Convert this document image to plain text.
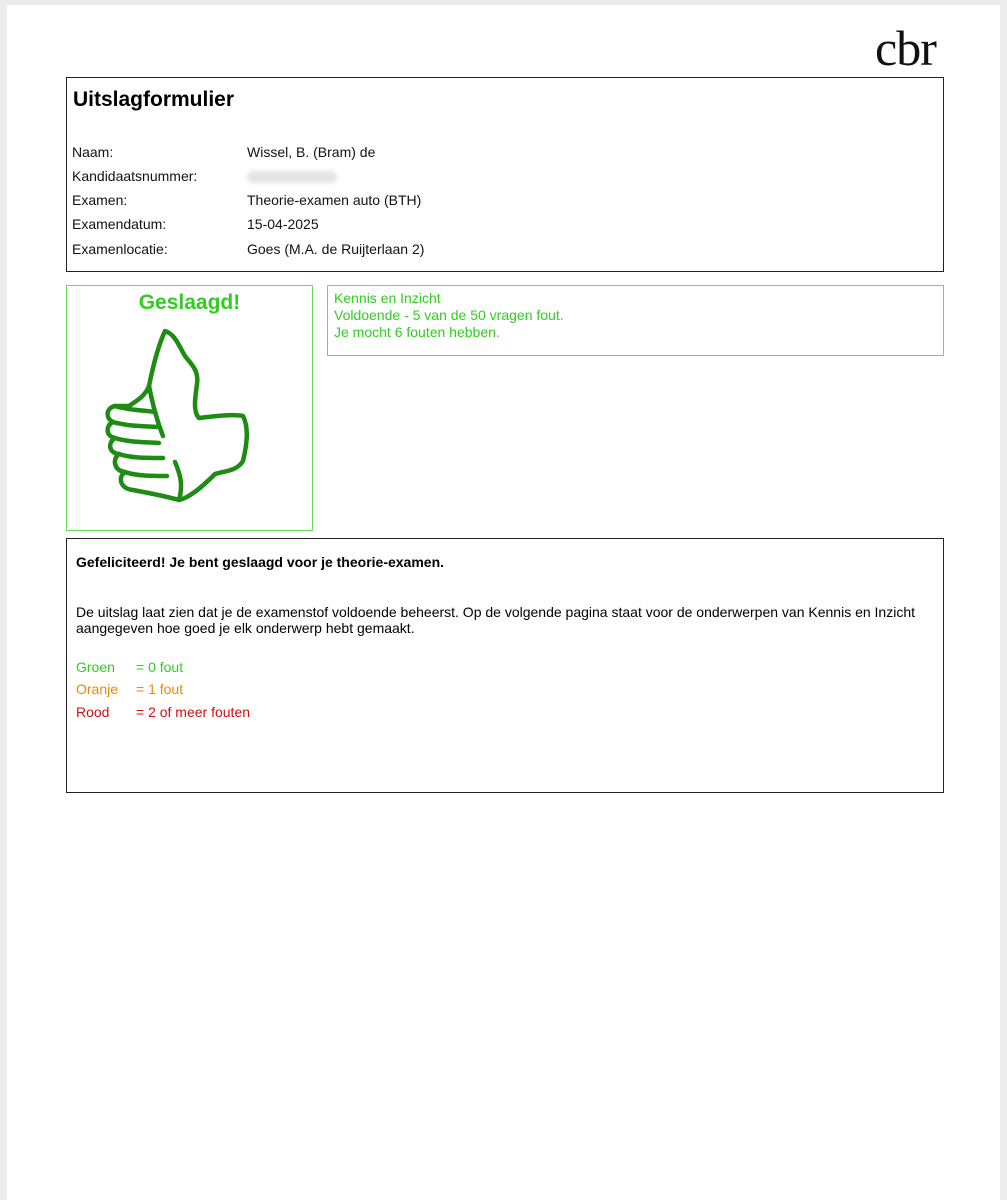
cbr
Uitslagformulier
Naam:	Wissel, B. (Bram) de
Kandidaatsnummer:
Examen:	Theorie-examen auto (BTH)
Examendatum:	15-04-2025
Examenlocatie:	Goes (M.A. de Ruijterlaan 2)
Geslaagd!	Kennis en Inzicht
Voldoende - 5 van de 50 vragen fout.
Je mocht 6 fouten hebben.
Gefeliciteerd! Je bent geslaagd voor je theorie-examen.
De uitslag laat zien dat je de examenstof voldoende beheerst. Op de volgende pagina staat voor de onderwerpen van Kennis en Inzicht aangegeven hoe goed je elk onderwerp hebt gemaakt.
Groen = 0 fout
Oranje = 1 fout
Rood = 2 of meer fouten
